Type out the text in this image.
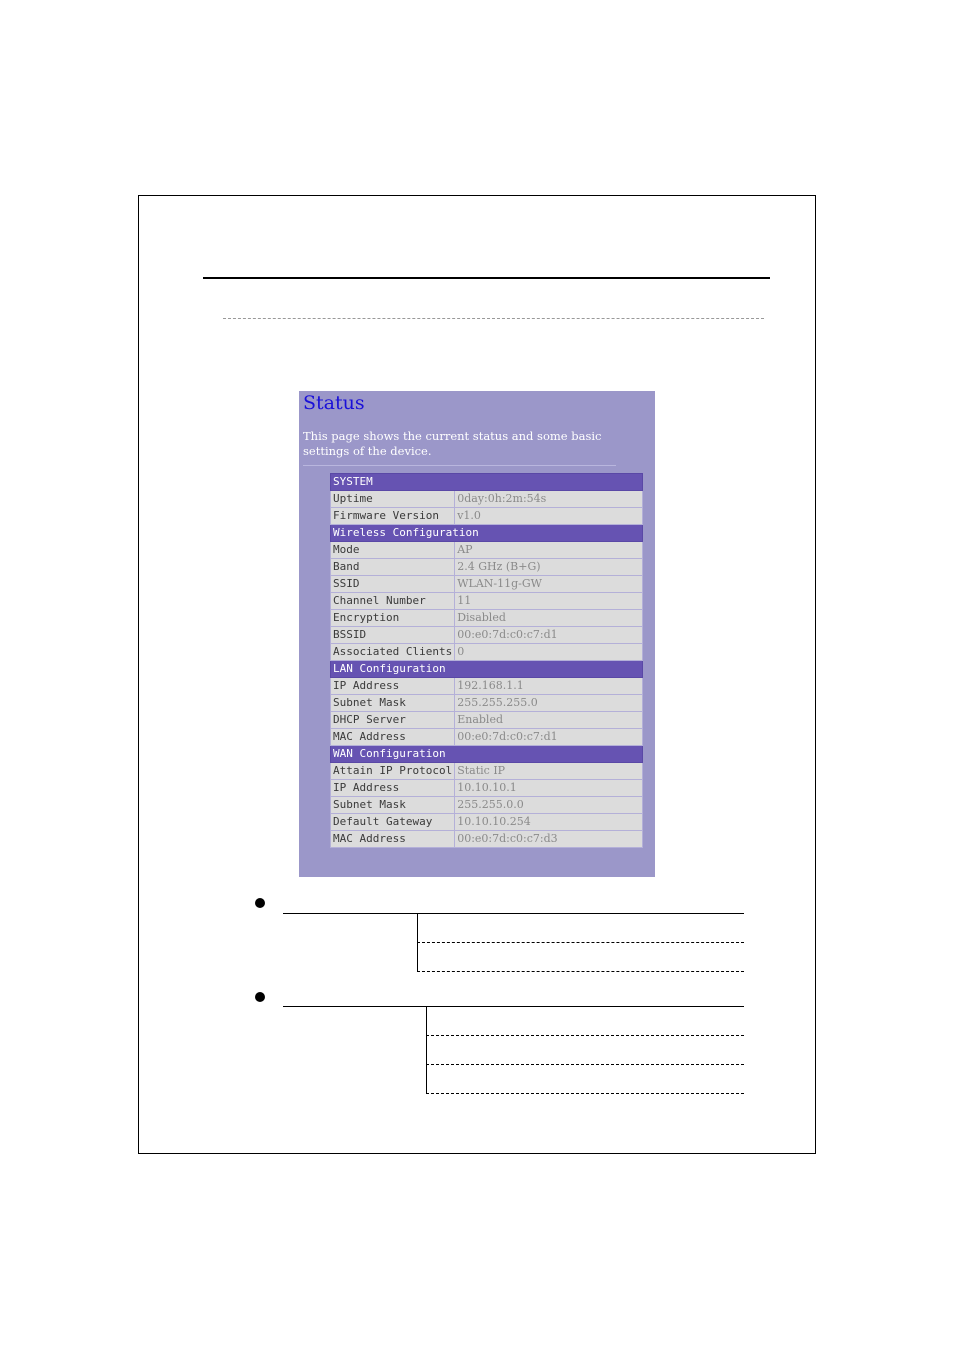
Status
This page shows the current status and some basic settings of the device.
SYSTEM	
Uptime	0day:0h:2m:54s
Firmware Version	v1.0
Wireless Configuration	
Mode	AP
Band	2.4 GHz (B+G)
SSID	WLAN-11g-GW
Channel Number	11
Encryption	Disabled
BSSID	00:e0:7d:c0:c7:d1
Associated Clients	0
LAN Configuration	
IP Address	192.168.1.1
Subnet Mask	255.255.255.0
DHCP Server	Enabled
MAC Address	00:e0:7d:c0:c7:d1
WAN Configuration	
Attain IP Protocol	Static IP
IP Address	10.10.10.1
Subnet Mask	255.255.0.0
Default Gateway	10.10.10.254
MAC Address	00:e0:7d:c0:c7:d3
